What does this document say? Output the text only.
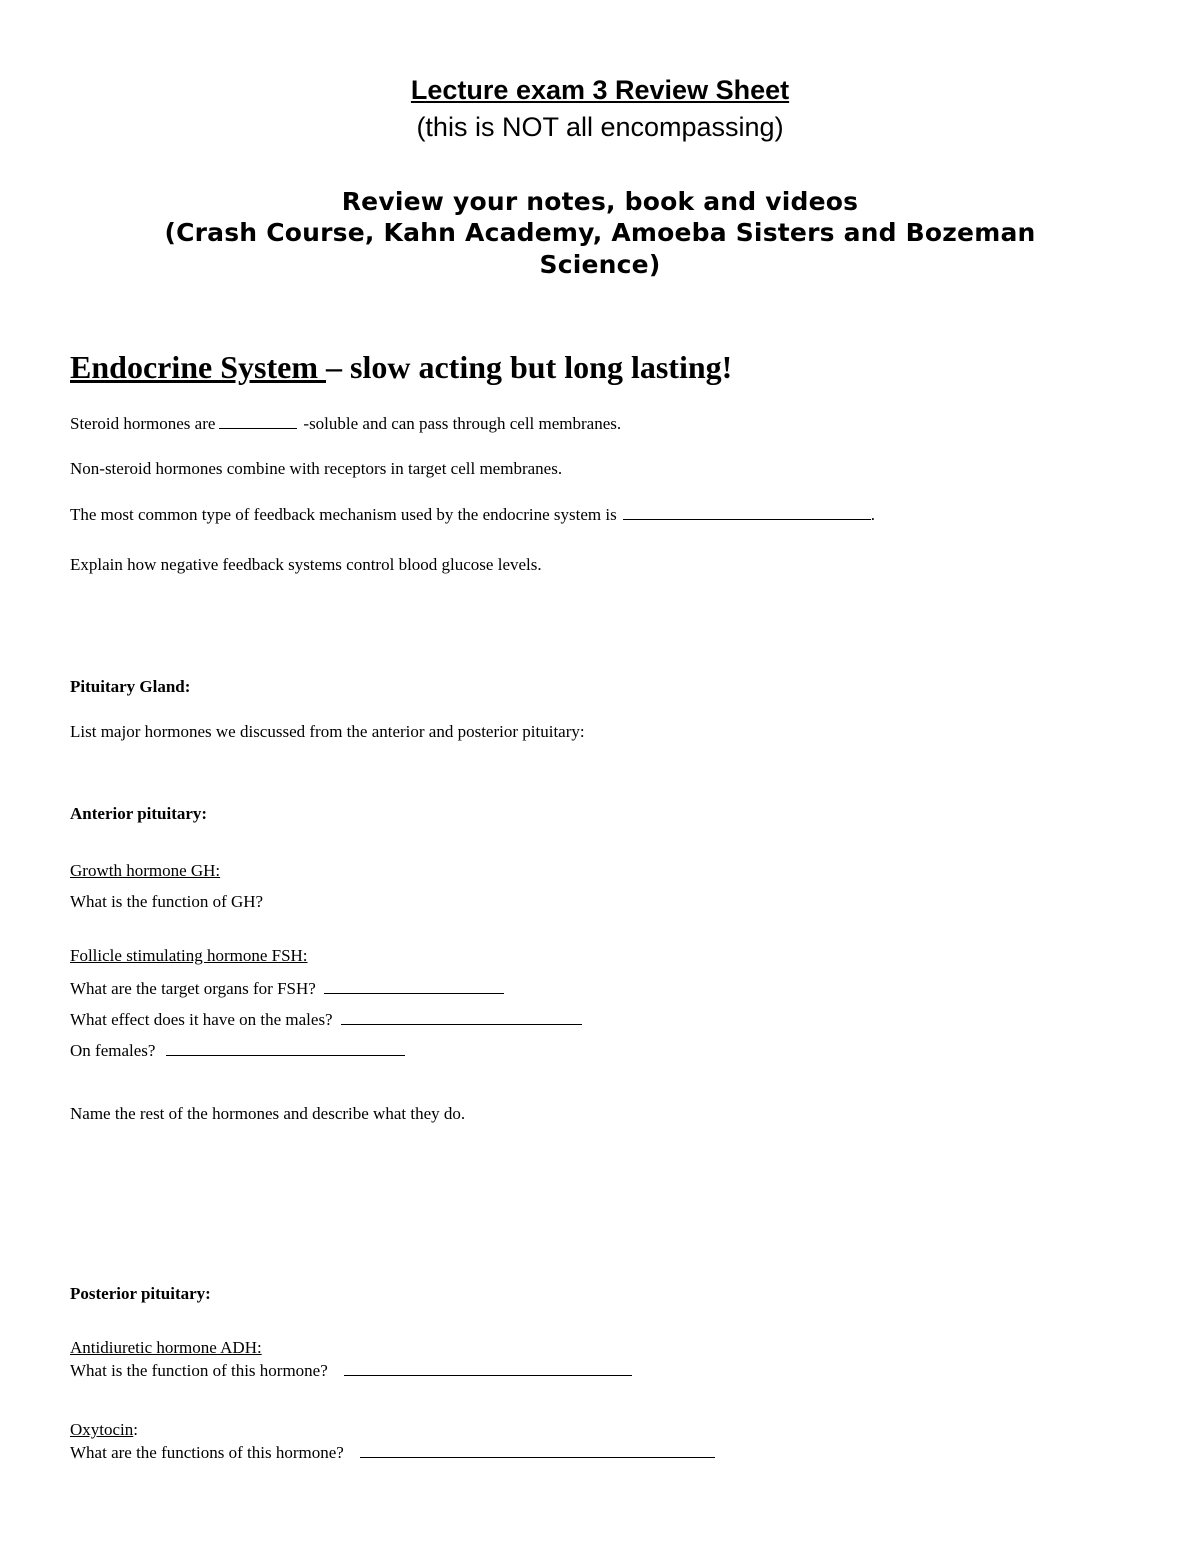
Lecture exam 3 Review Sheet
(this is NOT all encompassing)
Review your notes, book and videos
(Crash Course, Kahn Academy, Amoeba Sisters and Bozeman
Science)
Endocrine System – slow acting but long lasting!
Steroid hormones are	-soluble and can pass through cell membranes.
Non-steroid hormones combine with receptors in target cell membranes.
The most common type of feedback mechanism used by the endocrine system is	.
Explain how negative feedback systems control blood glucose levels.
Pituitary Gland:
List major hormones we discussed from the anterior and posterior pituitary:
Anterior pituitary:
Growth hormone GH:
What is the function of GH?
Follicle stimulating hormone FSH:
What are the target organs for FSH?
What effect does it have on the males?
On females?
Name the rest of the hormones and describe what they do.
Posterior pituitary:
Antidiuretic hormone ADH:
What is the function of this hormone?
Oxytocin:
What are the functions of this hormone?
